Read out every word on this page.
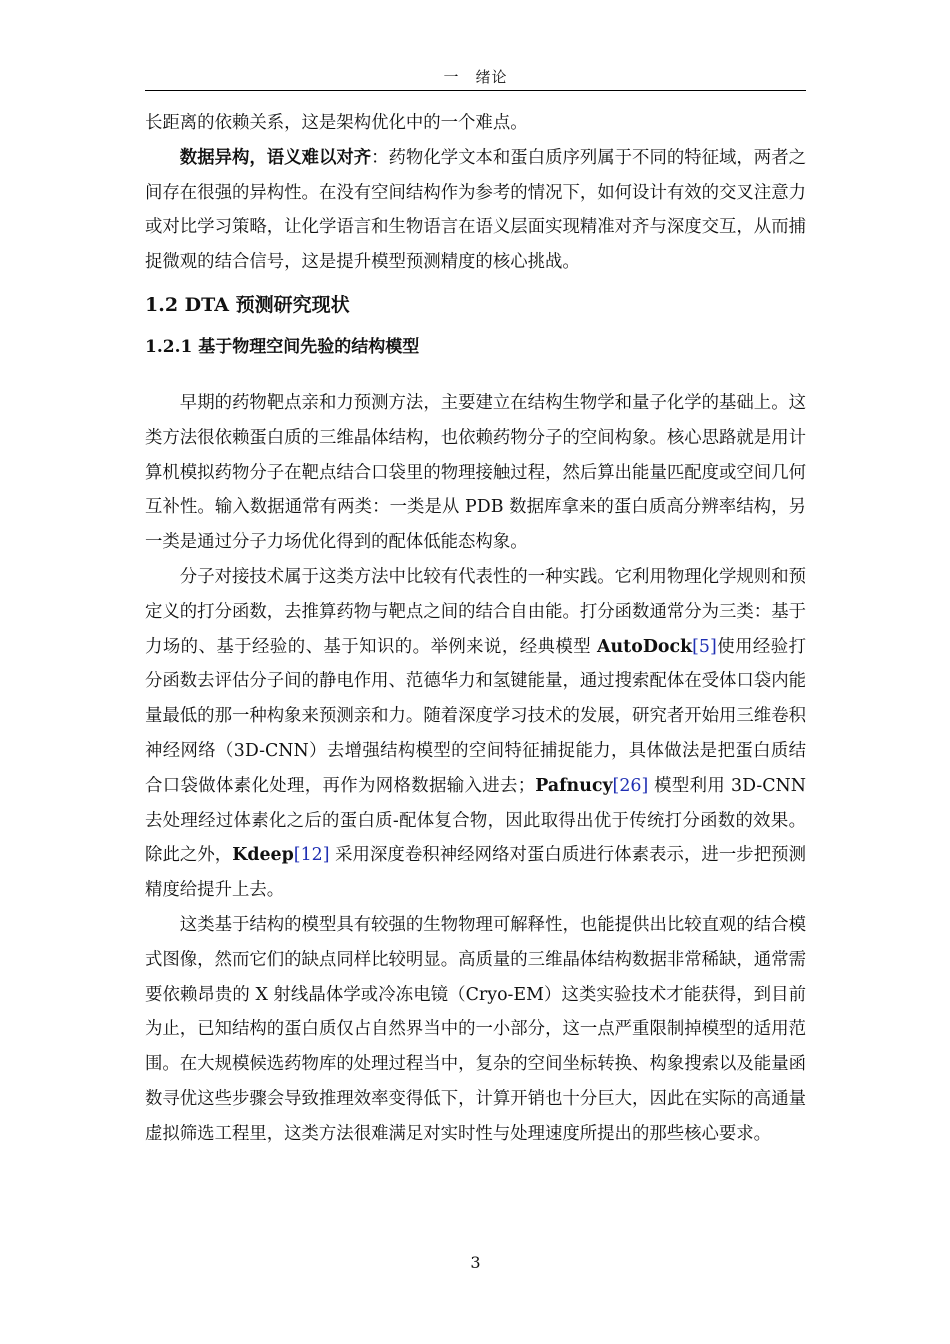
一　绪论

长距离的依赖关系，这是架构优化中的一个难点。

数据异构，语义难以对齐：药物化学文本和蛋白质序列属于不同的特征域，两者之间存在很强的异构性。在没有空间结构作为参考的情况下，如何设计有效的交叉注意力或对比学习策略，让化学语言和生物语言在语义层面实现精准对齐与深度交互，从而捕捉微观的结合信号，这是提升模型预测精度的核心挑战。

1.2 DTA 预测研究现状
1.2.1 基于物理空间先验的结构模型

早期的药物靶点亲和力预测方法，主要建立在结构生物学和量子化学的基础上。这类方法很依赖蛋白质的三维晶体结构，也依赖药物分子的空间构象。核心思路就是用计算机模拟药物分子在靶点结合口袋里的物理接触过程，然后算出能量匹配度或空间几何互补性。输入数据通常有两类：一类是从 PDB 数据库拿来的蛋白质高分辨率结构，另一类是通过分子力场优化得到的配体低能态构象。

分子对接技术属于这类方法中比较有代表性的一种实践。它利用物理化学规则和预定义的打分函数，去推算药物与靶点之间的结合自由能。打分函数通常分为三类：基于力场的、基于经验的、基于知识的。举例来说，经典模型 AutoDock[5]使用经验打分函数去评估分子间的静电作用、范德华力和氢键能量，通过搜索配体在受体口袋内能量最低的那一种构象来预测亲和力。随着深度学习技术的发展，研究者开始用三维卷积神经网络（3D-CNN）去增强结构模型的空间特征捕捉能力，具体做法是把蛋白质结合口袋做体素化处理，再作为网格数据输入进去；Pafnucy[26] 模型利用 3D-CNN 去处理经过体素化之后的蛋白质-配体复合物，因此取得出优于传统打分函数的效果。除此之外，Kdeep[12] 采用深度卷积神经网络对蛋白质进行体素表示，进一步把预测精度给提升上去。

这类基于结构的模型具有较强的生物物理可解释性，也能提供出比较直观的结合模式图像，然而它们的缺点同样比较明显。高质量的三维晶体结构数据非常稀缺，通常需要依赖昂贵的 X 射线晶体学或冷冻电镜（Cryo-EM）这类实验技术才能获得，到目前为止，已知结构的蛋白质仅占自然界当中的一小部分，这一点严重限制掉模型的适用范围。在大规模候选药物库的处理过程当中，复杂的空间坐标转换、构象搜索以及能量函数寻优这些步骤会导致推理效率变得低下，计算开销也十分巨大，因此在实际的高通量虚拟筛选工程里，这类方法很难满足对实时性与处理速度所提出的那些核心要求。

3
